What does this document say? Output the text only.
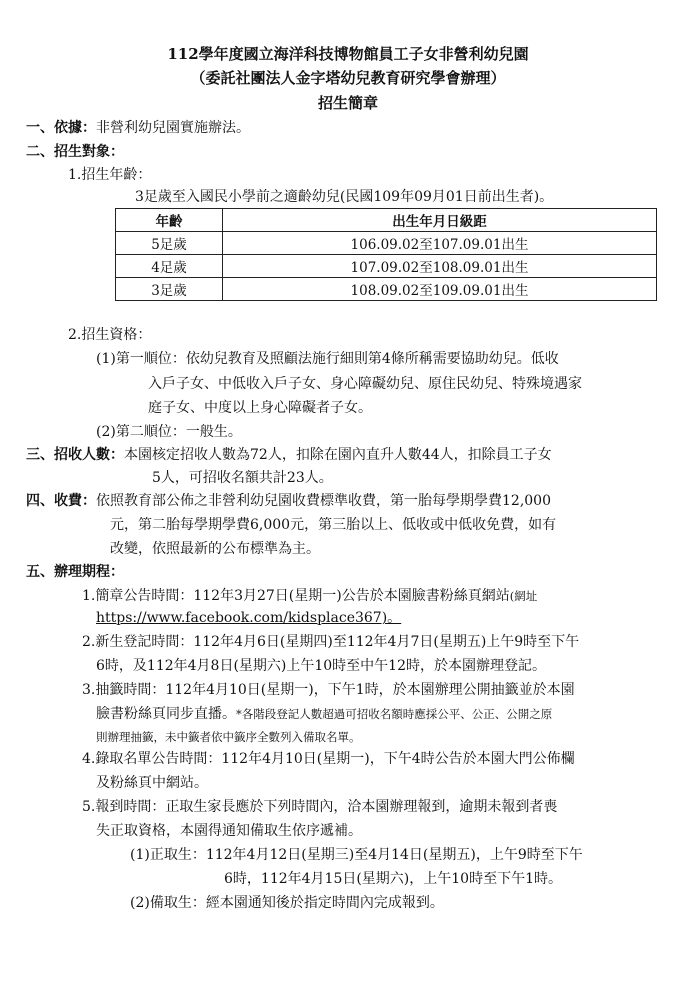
112學年度國立海洋科技博物館員工子女非營利幼兒園
（委託社團法人金字塔幼兒教育研究學會辦理）
招生簡章
一、依據：非營利幼兒園實施辦法。
二、招生對象：
1.招生年齡：
3足歲至入國民小學前之適齡幼兒(民國109年09月01日前出生者)。
年齡	出生年月日級距
5足歲	106.09.02至107.09.01出生
4足歲	107.09.02至108.09.01出生
3足歲	108.09.02至109.09.01出生
2.招生資格：
(1)第一順位：依幼兒教育及照顧法施行細則第4條所稱需要協助幼兒。低收
入戶子女、中低收入戶子女、身心障礙幼兒、原住民幼兒、特殊境遇家
庭子女、中度以上身心障礙者子女。
(2)第二順位：一般生。
三、招收人數：本園核定招收人數為72人，扣除在園內直升人數44人，扣除員工子女
5人，可招收名額共計23人。
四、收費：依照教育部公佈之非營利幼兒園收費標準收費，第一胎每學期學費12,000
元，第二胎每學期學費6,000元，第三胎以上、低收或中低收免費，如有
改變，依照最新的公布標準為主。
五、辦理期程：
1.簡章公告時間：112年3月27日(星期一)公告於本園臉書粉絲頁網站(網址
https://www.facebook.com/kidsplace367)。
2.新生登記時間：112年4月6日(星期四)至112年4月7日(星期五)上午9時至下午
6時，及112年4月8日(星期六)上午10時至中午12時，於本園辦理登記。
3.抽籤時間：112年4月10日(星期一)，下午1時，於本園辦理公開抽籤並於本園
臉書粉絲頁同步直播。*各階段登記人數超過可招收名額時應採公平、公正、公開之原
則辦理抽籤，未中籤者依中籤序全數列入備取名單。
4.錄取名單公告時間：112年4月10日(星期一)，下午4時公告於本園大門公佈欄
及粉絲頁中網站。
5.報到時間：正取生家長應於下列時間內，洽本園辦理報到，逾期未報到者喪
失正取資格，本園得通知備取生依序遞補。
(1)正取生：112年4月12日(星期三)至4月14日(星期五)，上午9時至下午
6時，112年4月15日(星期六)，上午10時至下午1時。
(2)備取生：經本園通知後於指定時間內完成報到。
